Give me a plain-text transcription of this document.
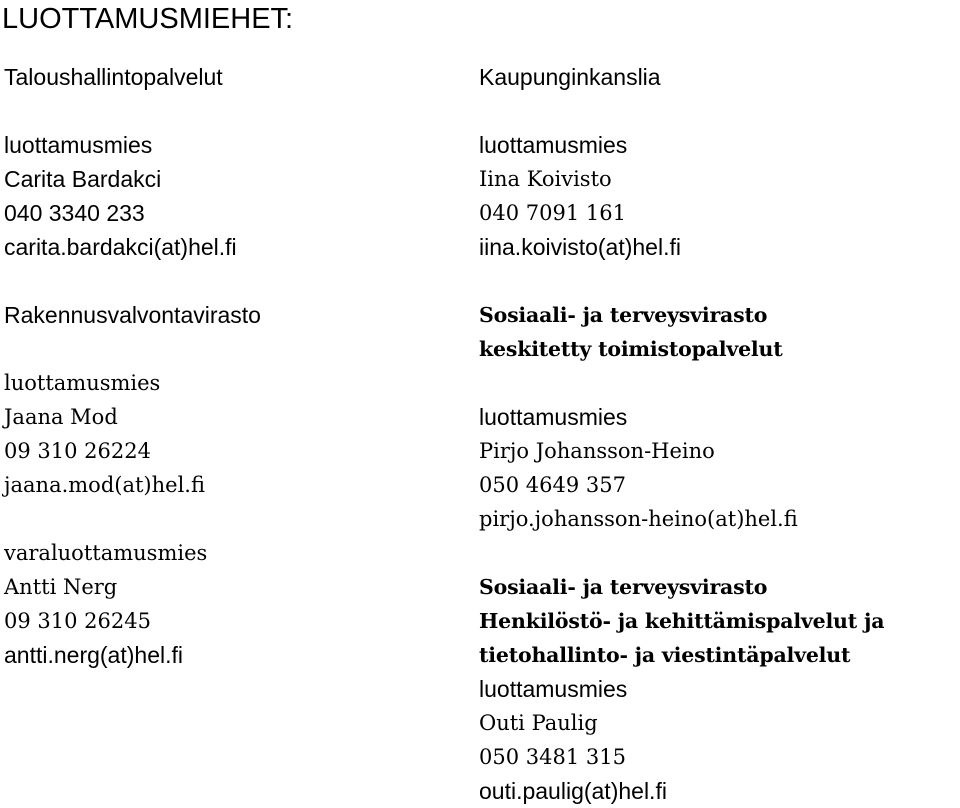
LUOTTAMUSMIEHET:
Taloushallintopalvelut
luottamusmies
Carita Bardakci
040 3340 233
carita.bardakci(at)hel.fi
Rakennusvalvontavirasto
luottamusmies
Jaana Mod
09 310 26224
jaana.mod(at)hel.fi
varaluottamusmies
Antti Nerg
09 310 26245
antti.nerg(at)hel.fi
Kaupunginkanslia
luottamusmies
Iina Koivisto
040 7091 161
iina.koivisto(at)hel.fi
Sosiaali- ja terveysvirasto
keskitetty toimistopalvelut
luottamusmies
Pirjo Johansson-Heino
050 4649 357
pirjo.johansson-heino(at)hel.fi
Sosiaali- ja terveysvirasto
Henkilöstö- ja kehittämispalvelut ja
tietohallinto- ja viestintäpalvelut
luottamusmies
Outi Paulig
050 3481 315
outi.paulig(at)hel.fi
